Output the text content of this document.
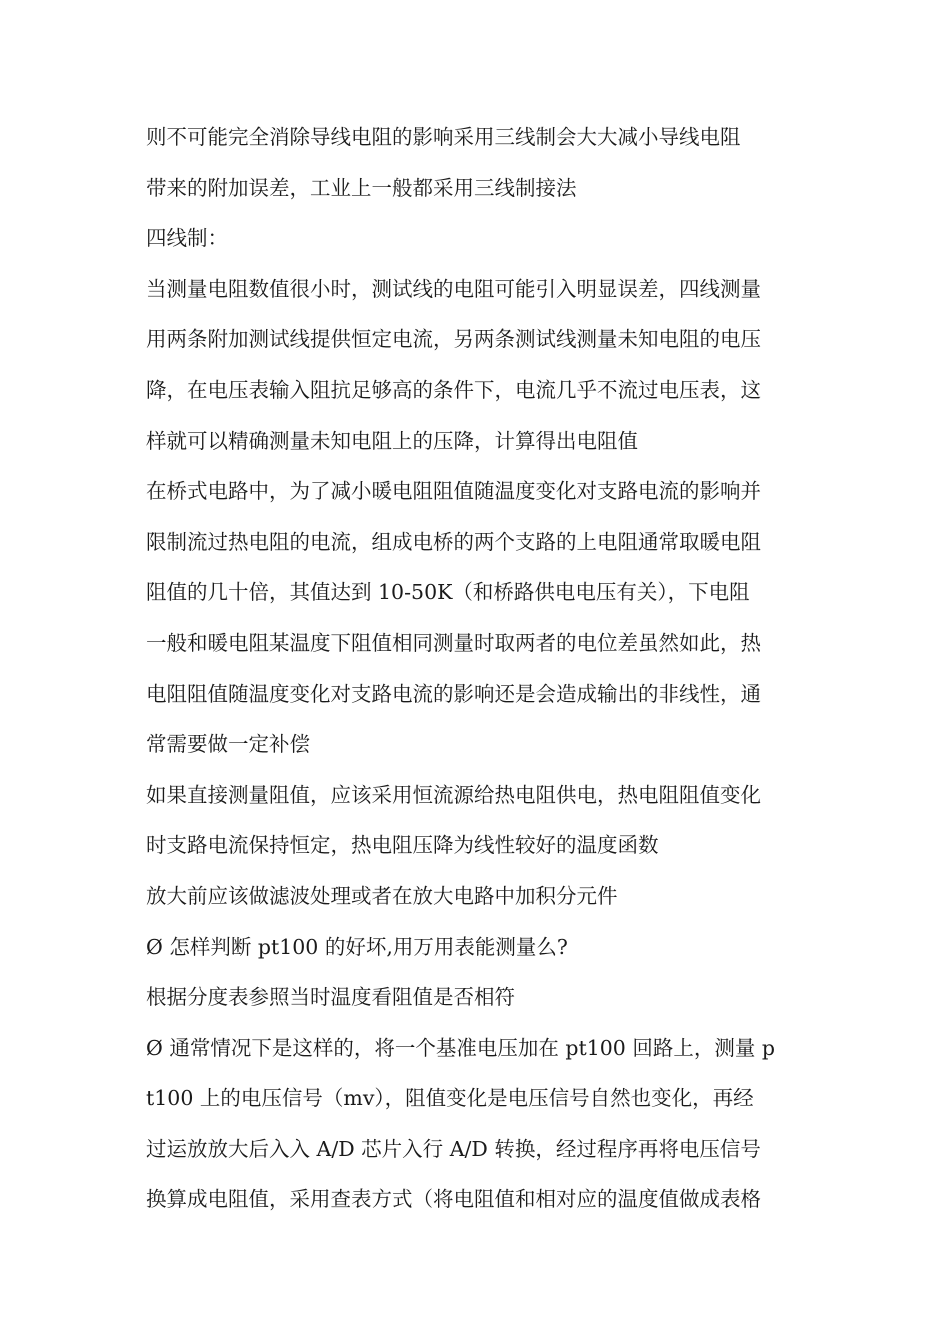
则不可能完全消除导线电阻的影响采用三线制会大大减小导线电阻
带来的附加误差，工业上一般都采用三线制接法
四线制：
当测量电阻数值很小时，测试线的电阻可能引入明显误差，四线测量
用两条附加测试线提供恒定电流，另两条测试线测量未知电阻的电压
降，在电压表输入阻抗足够高的条件下，电流几乎不流过电压表，这
样就可以精确测量未知电阻上的压降，计算得出电阻值
在桥式电路中，为了减小暖电阻阻值随温度变化对支路电流的影响并
限制流过热电阻的电流，组成电桥的两个支路的上电阻通常取暖电阻
阻值的几十倍，其值达到 10-50K（和桥路供电电压有关），下电阻
一般和暖电阻某温度下阻值相同测量时取两者的电位差虽然如此，热
电阻阻值随温度变化对支路电流的影响还是会造成输出的非线性，通
常需要做一定补偿
如果直接测量阻值，应该采用恒流源给热电阻供电，热电阻阻值变化
时支路电流保持恒定，热电阻压降为线性较好的温度函数
放大前应该做滤波处理或者在放大电路中加积分元件
Ø 怎样判断 pt100 的好坏,用万用表能测量么?
根据分度表参照当时温度看阻值是否相符
Ø 通常情况下是这样的，将一个基准电压加在 pt100 回路上，测量 p
t100 上的电压信号（mv），阻值变化是电压信号自然也变化，再经
过运放放大后入入 A/D 芯片入行 A/D 转换，经过程序再将电压信号
换算成电阻值，采用查表方式（将电阻值和相对应的温度值做成表格
